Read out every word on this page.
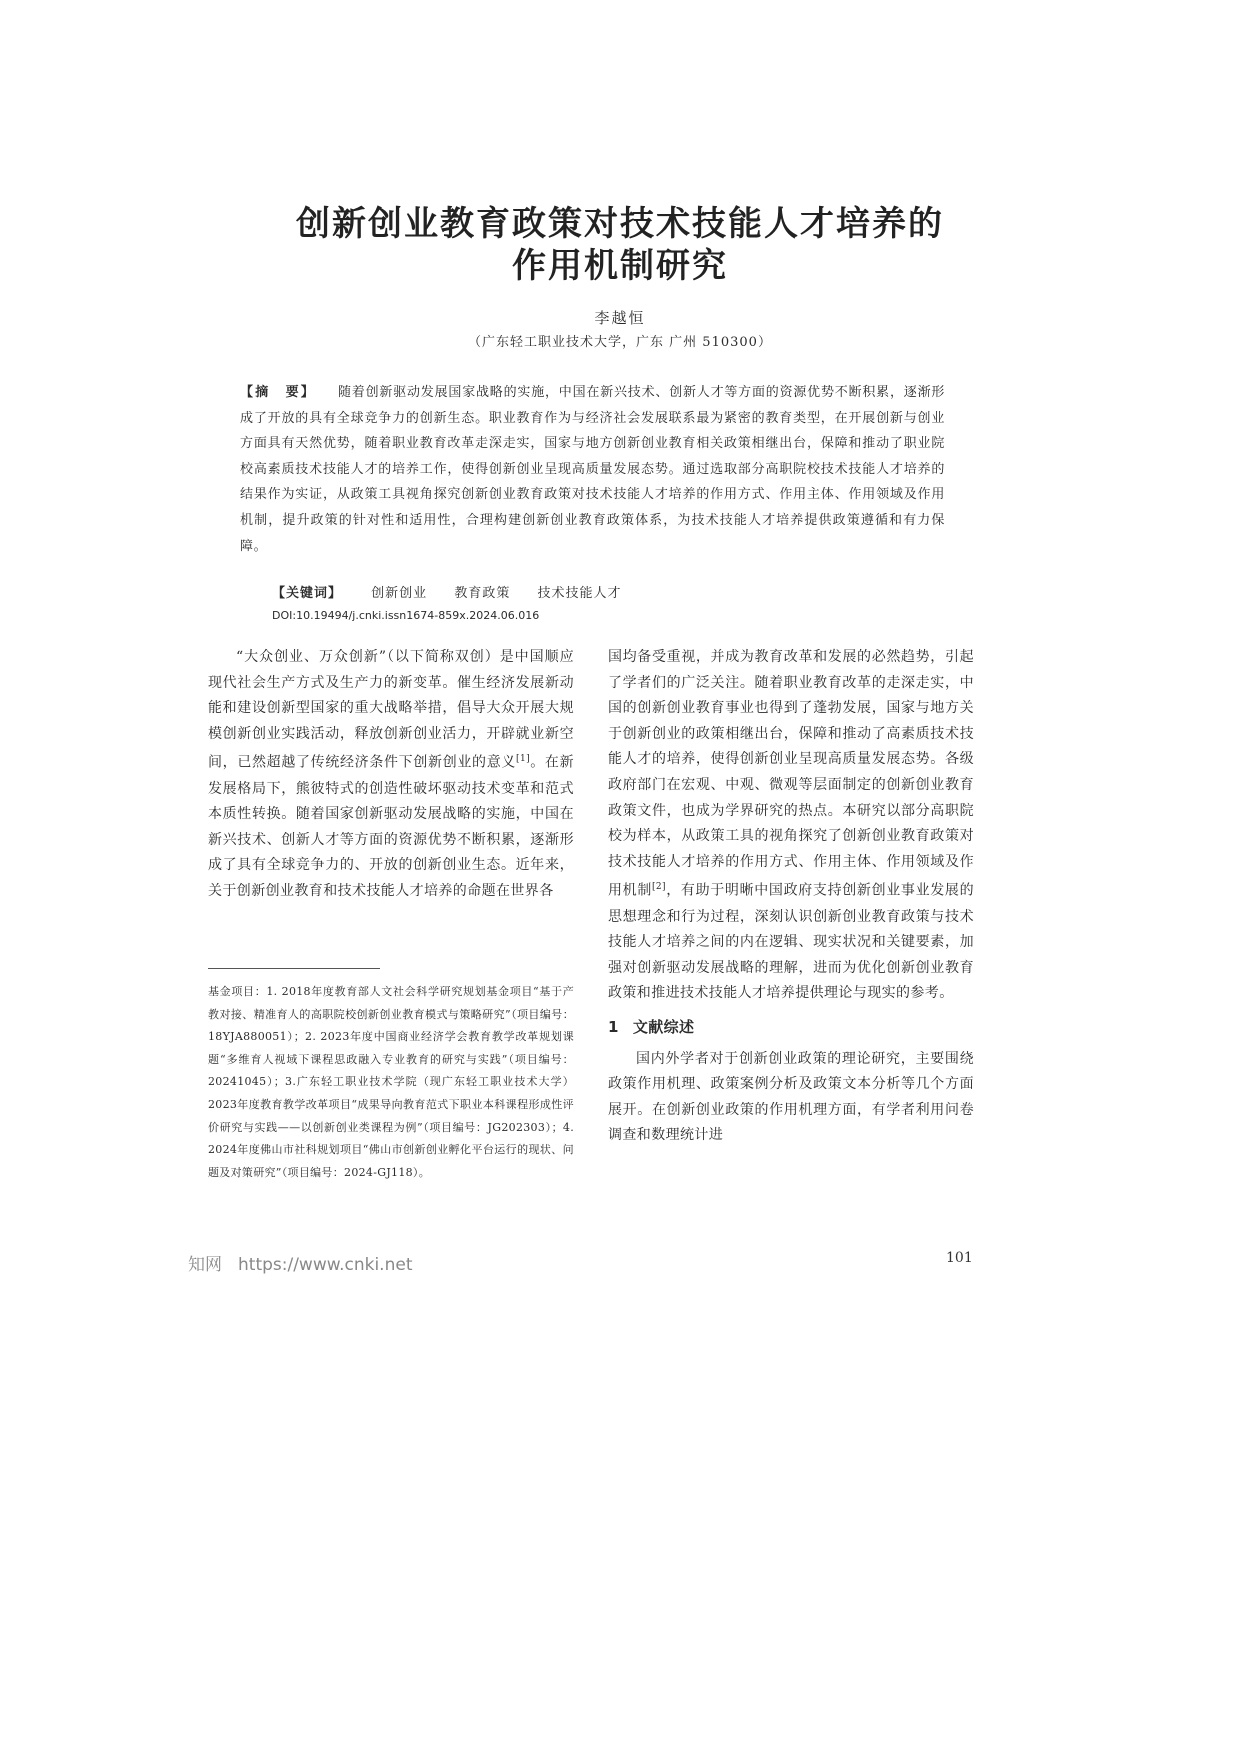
创新创业教育政策对技术技能人才培养的
作用机制研究
李越恒
（广东轻工职业技术大学，广东 广州 510300）
【摘　要】 随着创新驱动发展国家战略的实施，中国在新兴技术、创新人才等方面的资源优势不断积累，逐渐形成了开放的具有全球竞争力的创新生态。职业教育作为与经济社会发展联系最为紧密的教育类型，在开展创新与创业方面具有天然优势，随着职业教育改革走深走实，国家与地方创新创业教育相关政策相继出台，保障和推动了职业院校高素质技术技能人才的培养工作，使得创新创业呈现高质量发展态势。通过选取部分高职院校技术技能人才培养的结果作为实证，从政策工具视角探究创新创业教育政策对技术技能人才培养的作用方式、作用主体、作用领域及作用机制，提升政策的针对性和适用性，合理构建创新创业教育政策体系，为技术技能人才培养提供政策遵循和有力保障。
【关键词】 创新创业 教育政策 技术技能人才
DOI:10.19494/j.cnki.issn1674-859x.2024.06.016

“大众创业、万众创新”（以下简称双创）是中国顺应现代社会生产方式及生产力的新变革。催生经济发展新动能和建设创新型国家的重大战略举措，倡导大众开展大规模创新创业实践活动，释放创新创业活力，开辟就业新空间，已然超越了传统经济条件下创新创业的意义[1]。在新发展格局下，熊彼特式的创造性破坏驱动技术变革和范式本质性转换。随着国家创新驱动发展战略的实施，中国在新兴技术、创新人才等方面的资源优势不断积累，逐渐形成了具有全球竞争力的、开放的创新创业生态。近年来，关于创新创业教育和技术技能人才培养的命题在世界各

基金项目：1. 2018年度教育部人文社会科学研究规划基金项目“基于产教对接、精准育人的高职院校创新创业教育模式与策略研究”（项目编号：18YJA880051）；2. 2023年度中国商业经济学会教育教学改革规划课题“多维育人视域下课程思政融入专业教育的研究与实践”（项目编号：20241045）；3.广东轻工职业技术学院（现广东轻工职业技术大学）2023年度教育教学改革项目“成果导向教育范式下职业本科课程形成性评价研究与实践——以创新创业类课程为例”（项目编号：JG202303）；4. 2024年度佛山市社科规划项目“佛山市创新创业孵化平台运行的现状、问题及对策研究”（项目编号：2024-GJ118）。

国均备受重视，并成为教育改革和发展的必然趋势，引起了学者们的广泛关注。随着职业教育改革的走深走实，中国的创新创业教育事业也得到了蓬勃发展，国家与地方关于创新创业的政策相继出台，保障和推动了高素质技术技能人才的培养，使得创新创业呈现高质量发展态势。各级政府部门在宏观、中观、微观等层面制定的创新创业教育政策文件，也成为学界研究的热点。本研究以部分高职院校为样本，从政策工具的视角探究了创新创业教育政策对技术技能人才培养的作用方式、作用主体、作用领域及作用机制[2]，有助于明晰中国政府支持创新创业事业发展的思想理念和行为过程，深刻认识创新创业教育政策与技术技能人才培养之间的内在逻辑、现实状况和关键要素，加强对创新驱动发展战略的理解，进而为优化创新创业教育政策和推进技术技能人才培养提供理论与现实的参考。

1 文献综述

国内外学者对于创新创业政策的理论研究，主要围绕政策作用机理、政策案例分析及政策文本分析等几个方面展开。在创新创业政策的作用机理方面，有学者利用问卷调查和数理统计进

知网 https://www.cnki.net	101
